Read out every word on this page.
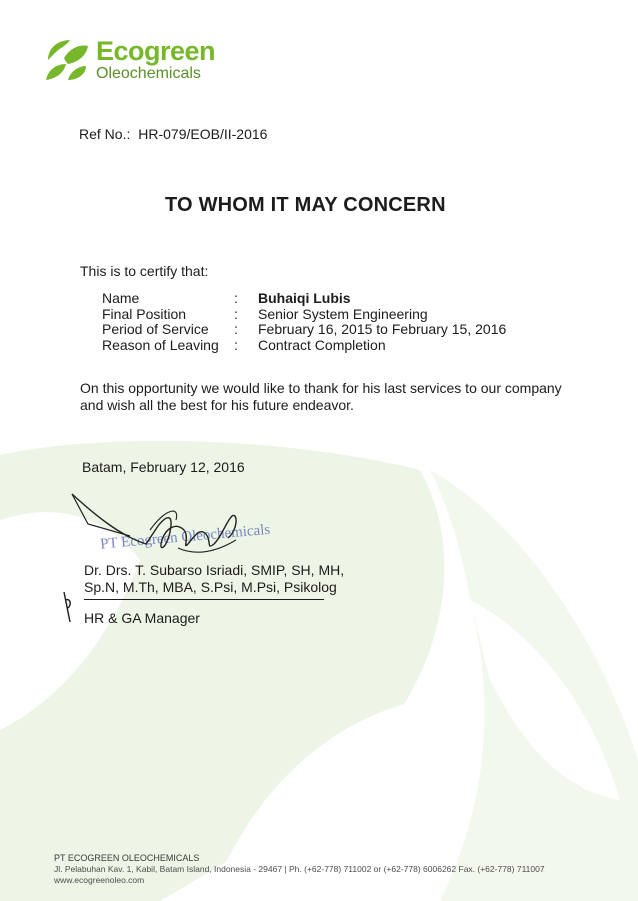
Ecogreen
Oleochemicals
Ref No.: HR-079/EOB/II-2016
TO WHOM IT MAY CONCERN
This is to certify that:
Name	: Buhaiqi Lubis
Final Position	: Senior System Engineering
Period of Service : February 16, 2015 to February 15, 2016
Reason of Leaving : Contract Completion
On this opportunity we would like to thank for his last services to our company and wish all the best for his future endeavor.
Batam, February 12, 2016
PT Ecogreen Oleochemicals
Dr. Drs. T. Subarso Isriadi, SMIP, SH, MH,
Sp.N, M.Th, MBA, S.Psi, M.Psi, Psikolog
HR & GA Manager
PT ECOGREEN OLEOCHEMICALS
Jl. Pelabuhan Kav. 1, Kabil, Batam Island, Indonesia - 29467 | Ph. (+62-778) 711002 or (+62-778) 6006262 Fax. (+62-778) 711007
www.ecogreenoleo.com
